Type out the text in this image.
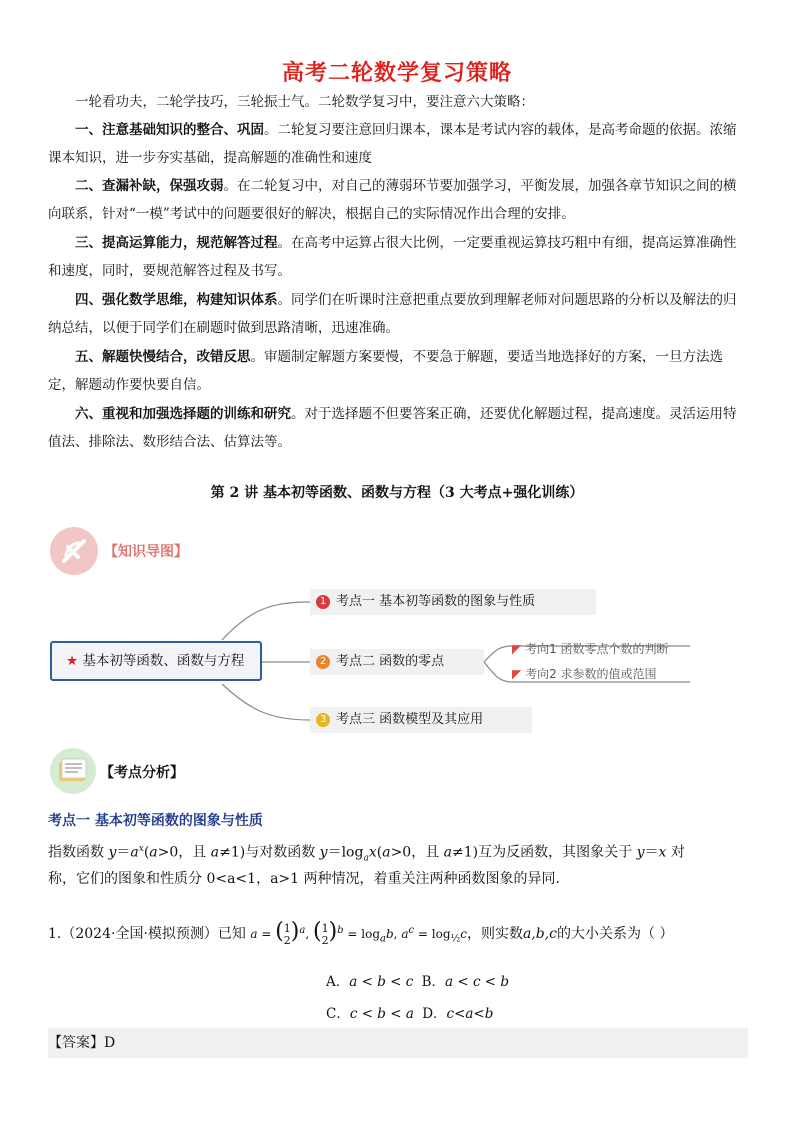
高考二轮数学复习策略
一轮看功夫，二轮学技巧，三轮振士气。二轮数学复习中，要注意六大策略：
一、注意基础知识的整合、巩固。二轮复习要注意回归课本，课本是考试内容的载体，是高考命题的依据。浓缩课本知识，进一步夯实基础，提高解题的准确性和速度
二、查漏补缺，保强攻弱。在二轮复习中，对自己的薄弱环节要加强学习，平衡发展，加强各章节知识之间的横向联系，针对“一模”考试中的问题要很好的解决，根据自己的实际情况作出合理的安排。
三、提高运算能力，规范解答过程。在高考中运算占很大比例，一定要重视运算技巧粗中有细，提高运算准确性和速度，同时，要规范解答过程及书写。
四、强化数学思维，构建知识体系。同学们在听课时注意把重点要放到理解老师对问题思路的分析以及解法的归纳总结，以便于同学们在刷题时做到思路清晰，迅速准确。
五、解题快慢结合，改错反思。审题制定解题方案要慢，不要急于解题，要适当地选择好的方案，一旦方法选定，解题动作要快要自信。
六、重视和加强选择题的训练和研究。对于选择题不但要答案正确，还要优化解题过程，提高速度。灵活运用特值法、排除法、数形结合法、估算法等。
第 2 讲 基本初等函数、函数与方程（3 大考点+强化训练）
【知识导图】
★ 基本初等函数、函数与方程
1 考点一 基本初等函数的图象与性质
2 考点二 函数的零点
3 考点三 函数模型及其应用
◤ 考向1 函数零点个数的判断
◤ 考向2 求参数的值或范围
【考点分析】
考点一 基本初等函数的图象与性质
指数函数 $y=a^x(a>0$，且 a≠1)与对数函数 $y=\log_ax(a>0$，且 a≠1)互为反函数，其图象关于 y＝x 对
称，它们的图象和性质分 0<a<1，a>1 两种情况，着重关注两种函数图象的异同.
1.（2024·全国·模拟预测）已知 a = (1
2)$^a$, (1
$2)^b = \log_ab$, $a^c = \log_{\frac{1}{2}}c$，则实数a,b,c的大小关系为（ ）
A．a < b < c B．a < c < b
C．c < b < a D．c<a<b
【答案】D
